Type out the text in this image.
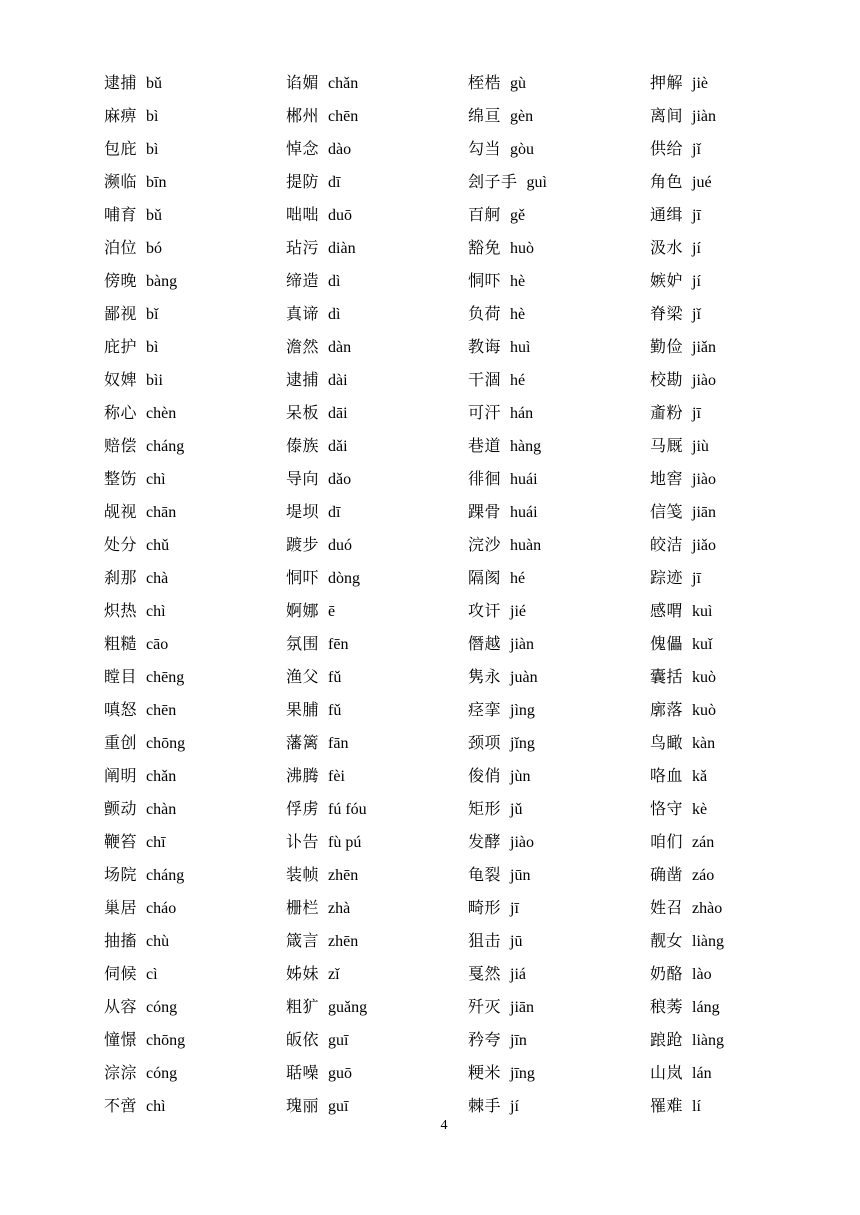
逮捕 bǔ
麻痹 bì
包庇 bì
濒临 bīn
哺育 bǔ
泊位 bó
傍晚 bàng
鄙视 bǐ
庇护 bì
奴婢 bìi
称心 chèn
赔偿 cháng
整饬 chì
觇视 chān
处分 chǔ
刹那 chà
炽热 chì
粗糙 cāo
瞠目 chēng
嗔怒 chēn
重创 chōng
阐明 chǎn
颤动 chàn
鞭笞 chī
场院 cháng
巢居 cháo
抽搐 chù
伺候 cì
从容 cóng
憧憬 chōng
淙淙 cóng
不啻 chì
谄媚 chǎn
郴州 chēn
悼念 dào
提防 dī
咄咄 duō
玷污 diàn
缔造 dì
真谛 dì
澹然 dàn
逮捕 dài
呆板 dāi
傣族 dǎi
导向 dǎo
堤坝 dī
踱步 duó
恫吓 dòng
婀娜 ē
氛围 fēn
渔父 fǔ
果脯 fǔ
藩篱 fān
沸腾 fèi
俘虏 fú fóu
讣告 fù pú
装帧 zhēn
栅栏 zhà
箴言 zhēn
姊妹 zǐ
粗犷 guǎng
皈依 guī
聒噪 guō
瑰丽 guī
桎梏 gù
绵亘 gèn
勾当 gòu
刽子手 guì
百舸 gě
豁免 huò
恫吓 hè
负荷 hè
教诲 huì
干涸 hé
可汗 hán
巷道 hàng
徘徊 huái
踝骨 huái
浣沙 huàn
隔阂 hé
攻讦 jié
僭越 jiàn
隽永 juàn
痉挛 jìng
颈项 jǐng
俊俏 jùn
矩形 jǔ
发酵 jiào
龟裂 jūn
畸形 jī
狙击 jū
戛然 jiá
歼灭 jiān
矜夸 jīn
粳米 jīng
棘手 jí
押解 jiè
离间 jiàn
供给 jǐ
角色 jué
通缉 jī
汲水 jí
嫉妒 jí
脊梁 jǐ
勤俭 jiǎn
校勘 jiào
齑粉 jī
马厩 jiù
地窖 jiào
信笺 jiān
皎洁 jiǎo
踪迹 jī
感喟 kuì
傀儡 kuǐ
囊括 kuò
廓落 kuò
鸟瞰 kàn
咯血 kǎ
恪守 kè
咱们 zán
确凿 záo
姓召 zhào
靓女 liàng
奶酪 lào
稂莠 láng
踉跄 liàng
山岚 lán
罹难 lí
4
